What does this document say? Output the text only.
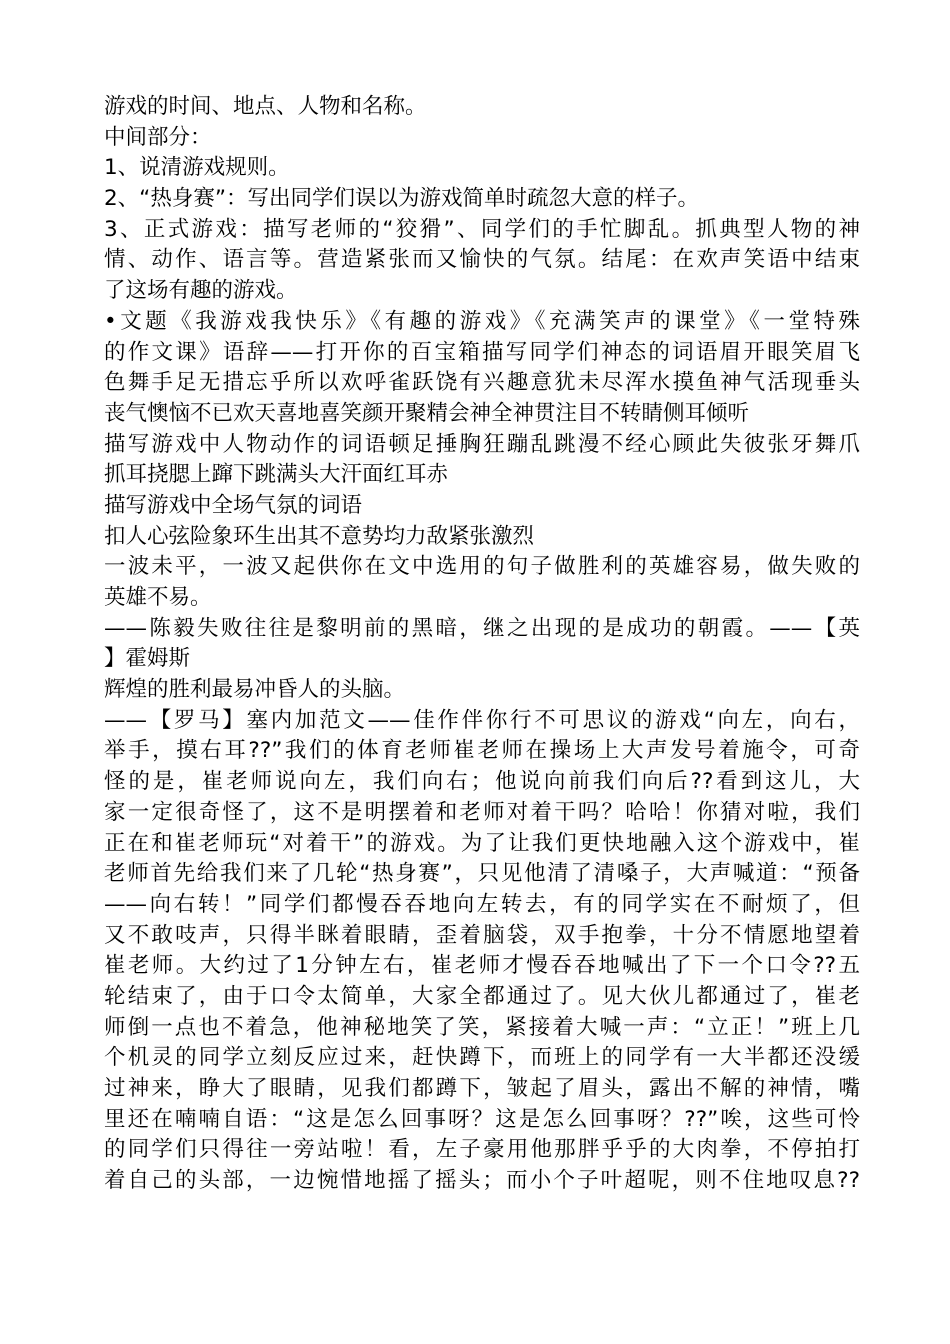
游戏的时间、地点、人物和名称。
中间部分：
1、说清游戏规则。
2、“热身赛”：写出同学们误以为游戏简单时疏忽大意的样子。
3、正式游戏：描写老师的“狡猾”、同学们的手忙脚乱。抓典型人物的神
情、动作、语言等。营造紧张而又愉快的气氛。结尾：在欢声笑语中结束
了这场有趣的游戏。
•文题《我游戏我快乐》《有趣的游戏》《充满笑声的课堂》《一堂特殊
的作文课》语辞——打开你的百宝箱描写同学们神态的词语眉开眼笑眉飞
色舞手足无措忘乎所以欢呼雀跃饶有兴趣意犹未尽浑水摸鱼神气活现垂头
丧气懊恼不已欢天喜地喜笑颜开聚精会神全神贯注目不转睛侧耳倾听
描写游戏中人物动作的词语顿足捶胸狂蹦乱跳漫不经心顾此失彼张牙舞爪
抓耳挠腮上蹿下跳满头大汗面红耳赤
描写游戏中全场气氛的词语
扣人心弦险象环生出其不意势均力敌紧张激烈
一波未平，一波又起供你在文中选用的句子做胜利的英雄容易，做失败的
英雄不易。
——陈毅失败往往是黎明前的黑暗，继之出现的是成功的朝霞。——【英
】霍姆斯
辉煌的胜利最易冲昏人的头脑。
——【罗马】塞内加范文——佳作伴你行不可思议的游戏“向左，向右，
举手，摸右耳??”我们的体育老师崔老师在操场上大声发号着施令，可奇
怪的是，崔老师说向左，我们向右；他说向前我们向后??看到这儿，大
家一定很奇怪了，这不是明摆着和老师对着干吗？哈哈！你猜对啦，我们
正在和崔老师玩“对着干”的游戏。为了让我们更快地融入这个游戏中，崔
老师首先给我们来了几轮“热身赛”，只见他清了清嗓子，大声喊道：“预备
——向右转！”同学们都慢吞吞地向左转去，有的同学实在不耐烦了，但
又不敢吱声，只得半眯着眼睛，歪着脑袋，双手抱拳，十分不情愿地望着
崔老师。大约过了1分钟左右，崔老师才慢吞吞地喊出了下一个口令??五
轮结束了，由于口令太简单，大家全都通过了。见大伙儿都通过了，崔老
师倒一点也不着急，他神秘地笑了笑，紧接着大喊一声：“立正！”班上几
个机灵的同学立刻反应过来，赶快蹲下，而班上的同学有一大半都还没缓
过神来，睁大了眼睛，见我们都蹲下，皱起了眉头，露出不解的神情，嘴
里还在喃喃自语：“这是怎么回事呀？这是怎么回事呀？??”唉，这些可怜
的同学们只得往一旁站啦！看，左子豪用他那胖乎乎的大肉拳，不停拍打
着自己的头部，一边惋惜地摇了摇头；而小个子叶超呢，则不住地叹息??
